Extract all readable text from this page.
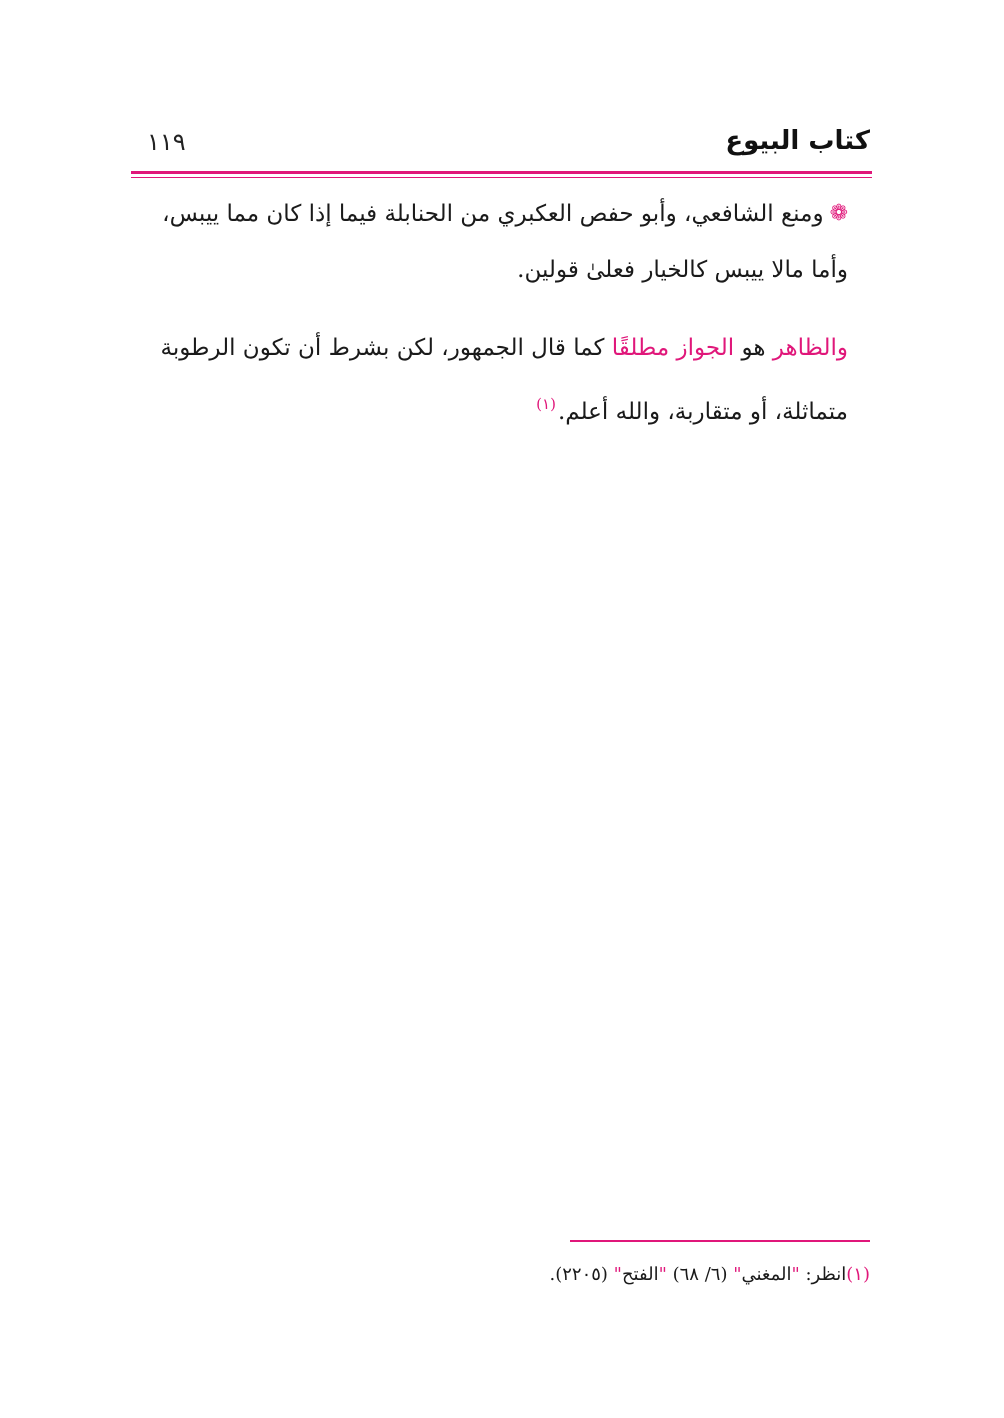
١١٩	كتاب البيوع
❁ومنع الشافعي، وأبو حفص العكبري من الحنابلة فيما إذا كان مما ييبس،
وأما مالا ييبس كالخيار فعلىٰ قولين.
والظاهر هو الجواز مطلقًا كما قال الجمهور، لكن بشرط أن تكون الرطوبة
متماثلة، أو متقاربة، والله أعلم.$^{(١)}$
(١)انظر: "المغني" (٦/ ٦٨) "الفتح" (٢٢٠٥).
